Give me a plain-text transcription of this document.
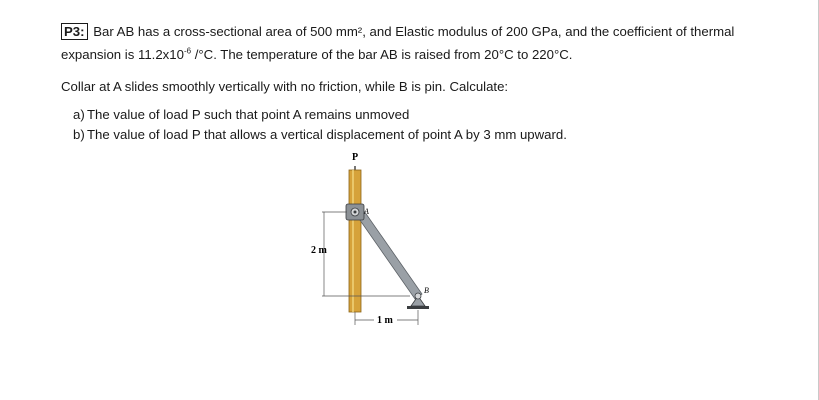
P3: Bar AB has a cross-sectional area of 500 mm², and Elastic modulus of 200 GPa, and the coefficient of thermal

expansion is $11.2x10^{-6}$ /°C. The temperature of the bar AB is raised from 20°C to 220°C.

Collar at A slides smoothly vertically with no friction, while B is pin. Calculate:

a) The value of load P such that point A remains unmoved
b) The value of load P that allows a vertical displacement of point A by 3 mm upward.
P
A
B
2 m
1 m
